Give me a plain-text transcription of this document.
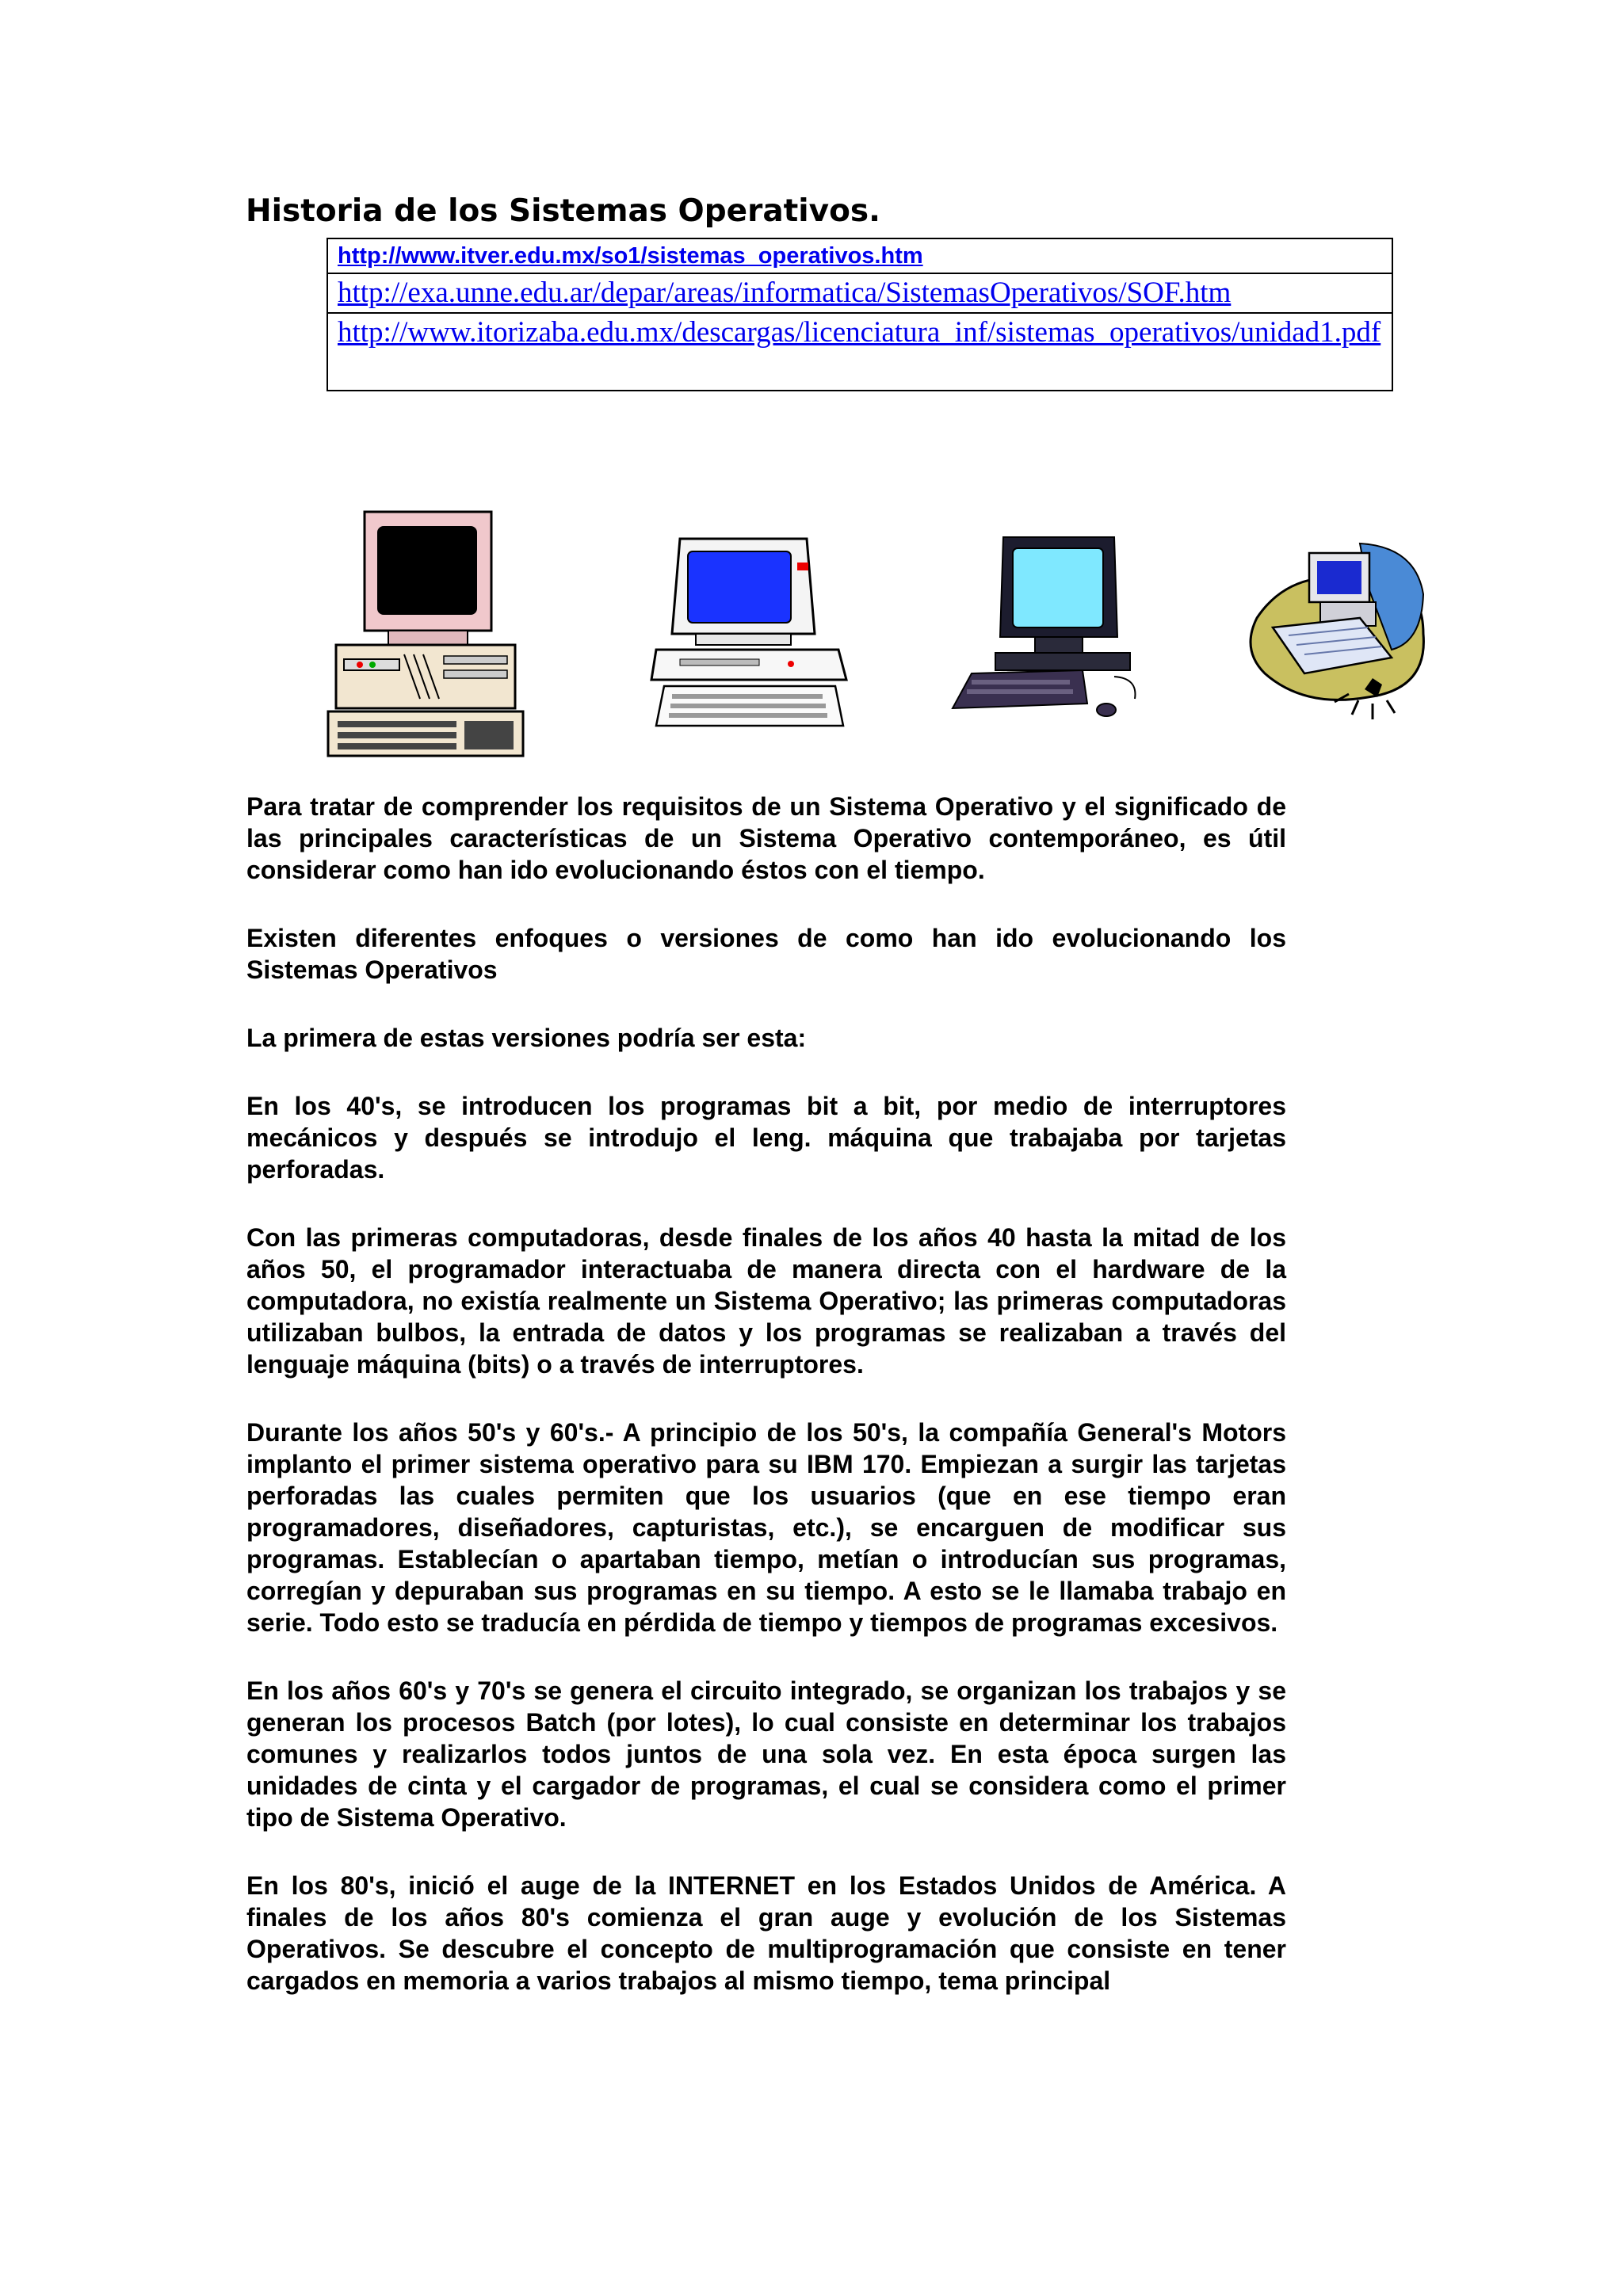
Historia de los Sistemas Operativos.
http://www.itver.edu.mx/so1/sistemas_operativos.htm
http://exa.unne.edu.ar/depar/areas/informatica/SistemasOperativos/SOF.htm
http://www.itorizaba.edu.mx/descargas/licenciatura_inf/sistemas_operativos/unidad1.pdf

Para tratar de comprender los requisitos de un Sistema Operativo y el significado de las principales características de un Sistema Operativo contemporáneo, es útil considerar como han ido evolucionando éstos con el tiempo.

Existen diferentes enfoques o versiones de como han ido evolucionando los Sistemas Operativos

La primera de estas versiones podría ser esta:

En los 40's, se introducen los programas bit a bit, por medio de interruptores mecánicos y después se introdujo el leng. máquina que trabajaba por tarjetas perforadas.

Con las primeras computadoras, desde finales de los años 40 hasta la mitad de los años 50, el programador interactuaba de manera directa con el hardware de la computadora, no existía realmente un Sistema Operativo; las primeras computadoras utilizaban bulbos, la entrada de datos y los programas se realizaban a través del lenguaje máquina (bits) o a través de interruptores.

Durante los años 50's y 60's.- A principio de los 50's, la compañía General's Motors implanto el primer sistema operativo para su IBM 170. Empiezan a surgir las tarjetas perforadas las cuales permiten que los usuarios (que en ese tiempo eran programadores, diseñadores, capturistas, etc.), se encarguen de modificar sus programas. Establecían o apartaban tiempo, metían o introducían sus programas, corregían y depuraban sus programas en su tiempo. A esto se le llamaba trabajo en serie. Todo esto se traducía en pérdida de tiempo y tiempos de programas excesivos.

En los años 60's y 70's se genera el circuito integrado, se organizan los trabajos y se generan los procesos Batch (por lotes), lo cual consiste en determinar los trabajos comunes y realizarlos todos juntos de una sola vez. En esta época surgen las unidades de cinta y el cargador de programas, el cual se considera como el primer tipo de Sistema Operativo.

En los 80's, inició el auge de la INTERNET en los Estados Unidos de América. A finales de los años 80's comienza el gran auge y evolución de los Sistemas Operativos. Se descubre el concepto de multiprogramación que consiste en tener cargados en memoria a varios trabajos al mismo tiempo, tema principal
